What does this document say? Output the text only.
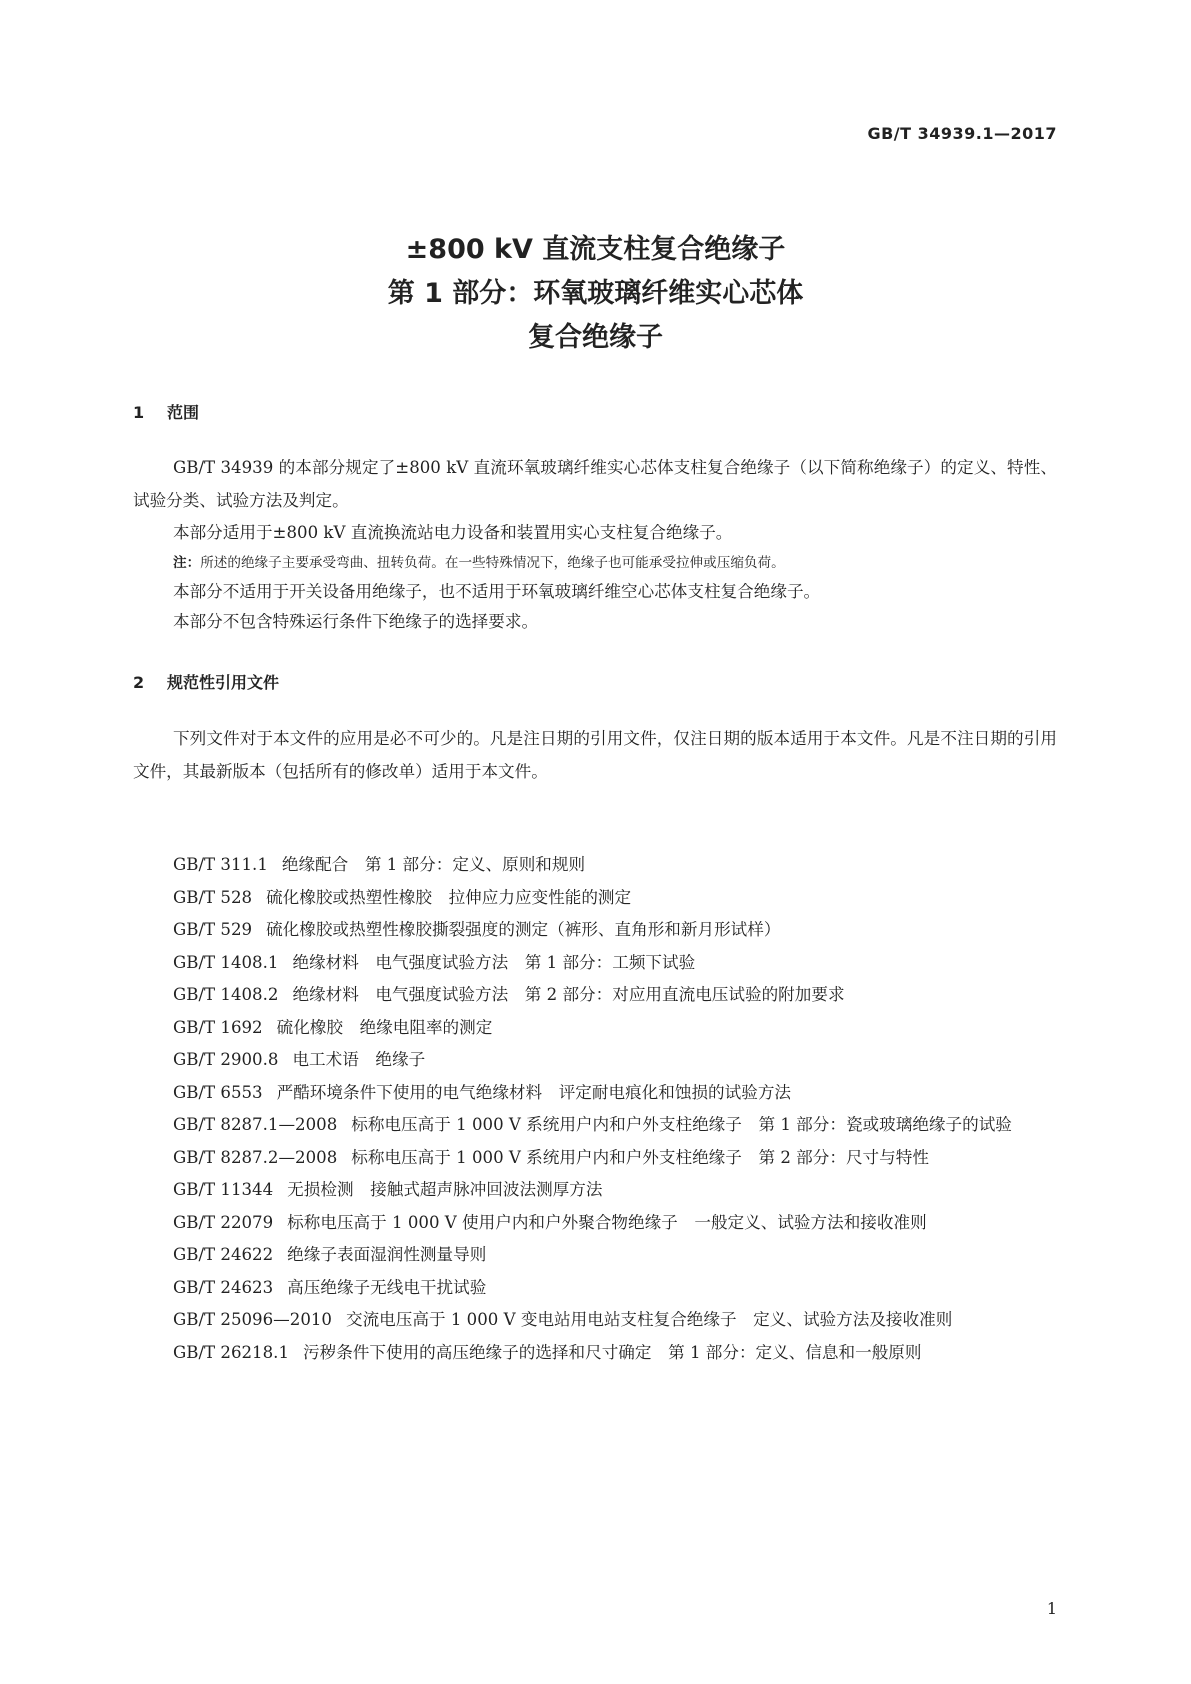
GB/T 34939.1—2017
±800 kV 直流支柱复合绝缘子
第 1 部分：环氧玻璃纤维实心芯体
复合绝缘子
1 范围
GB/T 34939 的本部分规定了±800 kV 直流环氧玻璃纤维实心芯体支柱复合绝缘子（以下简称绝缘子）的定义、特性、试验分类、试验方法及判定。
本部分适用于±800 kV 直流换流站电力设备和装置用实心支柱复合绝缘子。
注：所述的绝缘子主要承受弯曲、扭转负荷。在一些特殊情况下，绝缘子也可能承受拉伸或压缩负荷。
本部分不适用于开关设备用绝缘子，也不适用于环氧玻璃纤维空心芯体支柱复合绝缘子。
本部分不包含特殊运行条件下绝缘子的选择要求。
2 规范性引用文件
下列文件对于本文件的应用是必不可少的。凡是注日期的引用文件，仅注日期的版本适用于本文件。凡是不注日期的引用文件，其最新版本（包括所有的修改单）适用于本文件。
GB/T 311.1 绝缘配合　第 1 部分：定义、原则和规则
GB/T 528 硫化橡胶或热塑性橡胶　拉伸应力应变性能的测定
GB/T 529 硫化橡胶或热塑性橡胶撕裂强度的测定（裤形、直角形和新月形试样）
GB/T 1408.1 绝缘材料　电气强度试验方法　第 1 部分：工频下试验
GB/T 1408.2 绝缘材料　电气强度试验方法　第 2 部分：对应用直流电压试验的附加要求
GB/T 1692 硫化橡胶　绝缘电阻率的测定
GB/T 2900.8 电工术语　绝缘子
GB/T 6553 严酷环境条件下使用的电气绝缘材料　评定耐电痕化和蚀损的试验方法
GB/T 8287.1—2008 标称电压高于 1 000 V 系统用户内和户外支柱绝缘子　第 1 部分：瓷或玻璃绝缘子的试验
GB/T 8287.2—2008 标称电压高于 1 000 V 系统用户内和户外支柱绝缘子　第 2 部分：尺寸与特性
GB/T 11344 无损检测　接触式超声脉冲回波法测厚方法
GB/T 22079 标称电压高于 1 000 V 使用户内和户外聚合物绝缘子　一般定义、试验方法和接收准则
GB/T 24622 绝缘子表面湿润性测量导则
GB/T 24623 高压绝缘子无线电干扰试验
GB/T 25096—2010 交流电压高于 1 000 V 变电站用电站支柱复合绝缘子　定义、试验方法及接收准则
GB/T 26218.1 污秽条件下使用的高压绝缘子的选择和尺寸确定　第 1 部分：定义、信息和一般原则
1
